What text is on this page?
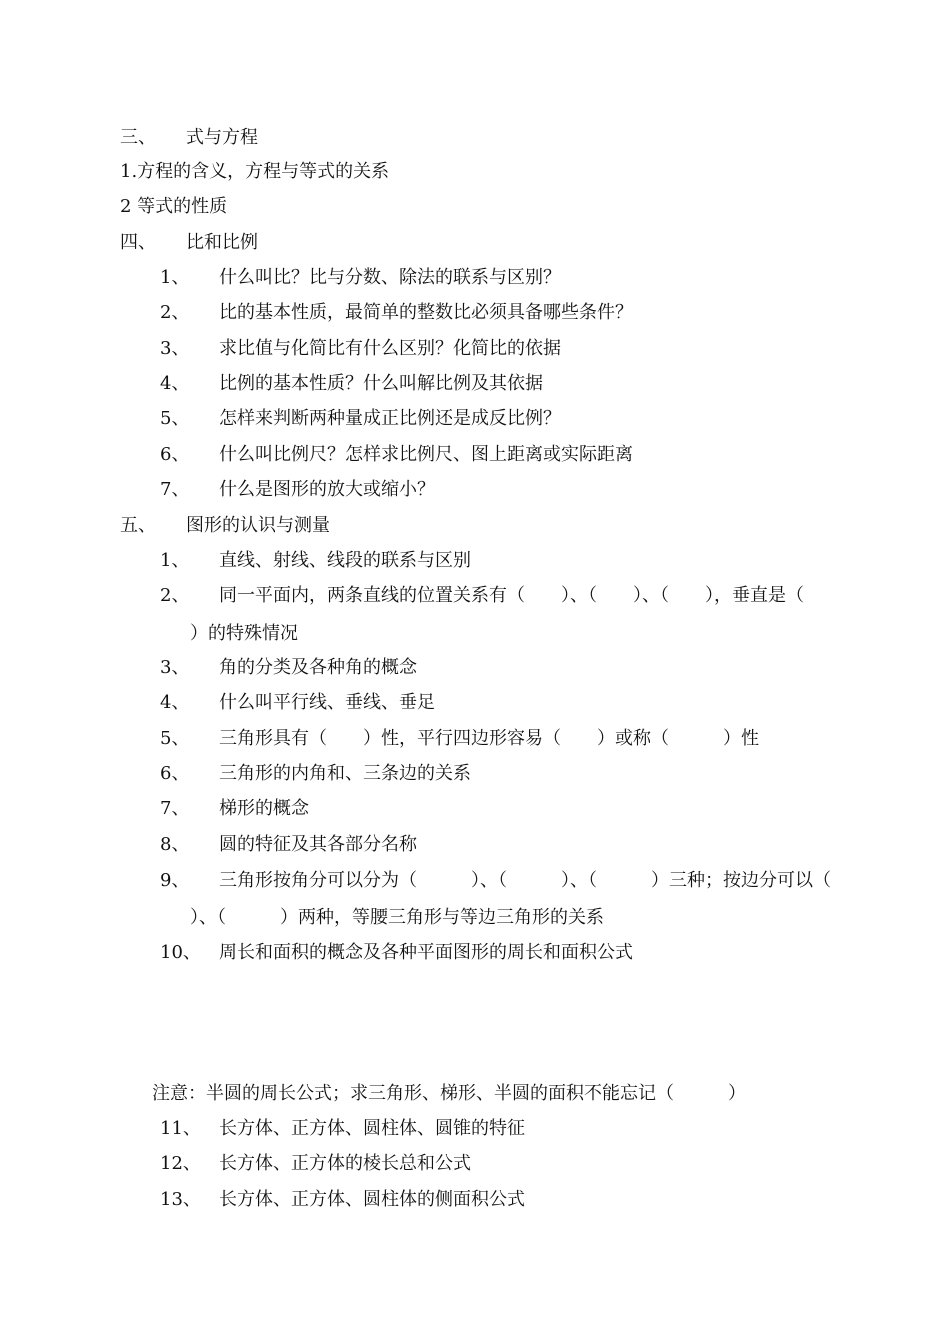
三、 式与方程
1.方程的含义，方程与等式的关系
2 等式的性质
四、 比和比例
1、 什么叫比？比与分数、除法的联系与区别？
2、 比的基本性质，最简单的整数比必须具备哪些条件？
3、 求比值与化简比有什么区别？化简比的依据
4、 比例的基本性质？什么叫解比例及其依据
5、 怎样来判断两种量成正比例还是成反比例？
6、 什么叫比例尺？怎样求比例尺、图上距离或实际距离
7、 什么是图形的放大或缩小？
五、 图形的认识与测量
1、 直线、射线、线段的联系与区别
2、 同一平面内，两条直线的位置关系有（　　）、（　　）、（　　），垂直是（
）的特殊情况
3、 角的分类及各种角的概念
4、 什么叫平行线、垂线、垂足
5、 三角形具有（　　）性，平行四边形容易（　　）或称（　　　）性
6、 三角形的内角和、三条边的关系
7、 梯形的概念
8、 圆的特征及其各部分名称
9、 三角形按角分可以分为（　　　）、（　　　）、（　　　）三种；按边分可以（
）、（　　　）两种，等腰三角形与等边三角形的关系
10、 周长和面积的概念及各种平面图形的周长和面积公式
注意：半圆的周长公式；求三角形、梯形、半圆的面积不能忘记（　　　）
11、 长方体、正方体、圆柱体、圆锥的特征
12、 长方体、正方体的棱长总和公式
13、 长方体、正方体、圆柱体的侧面积公式
